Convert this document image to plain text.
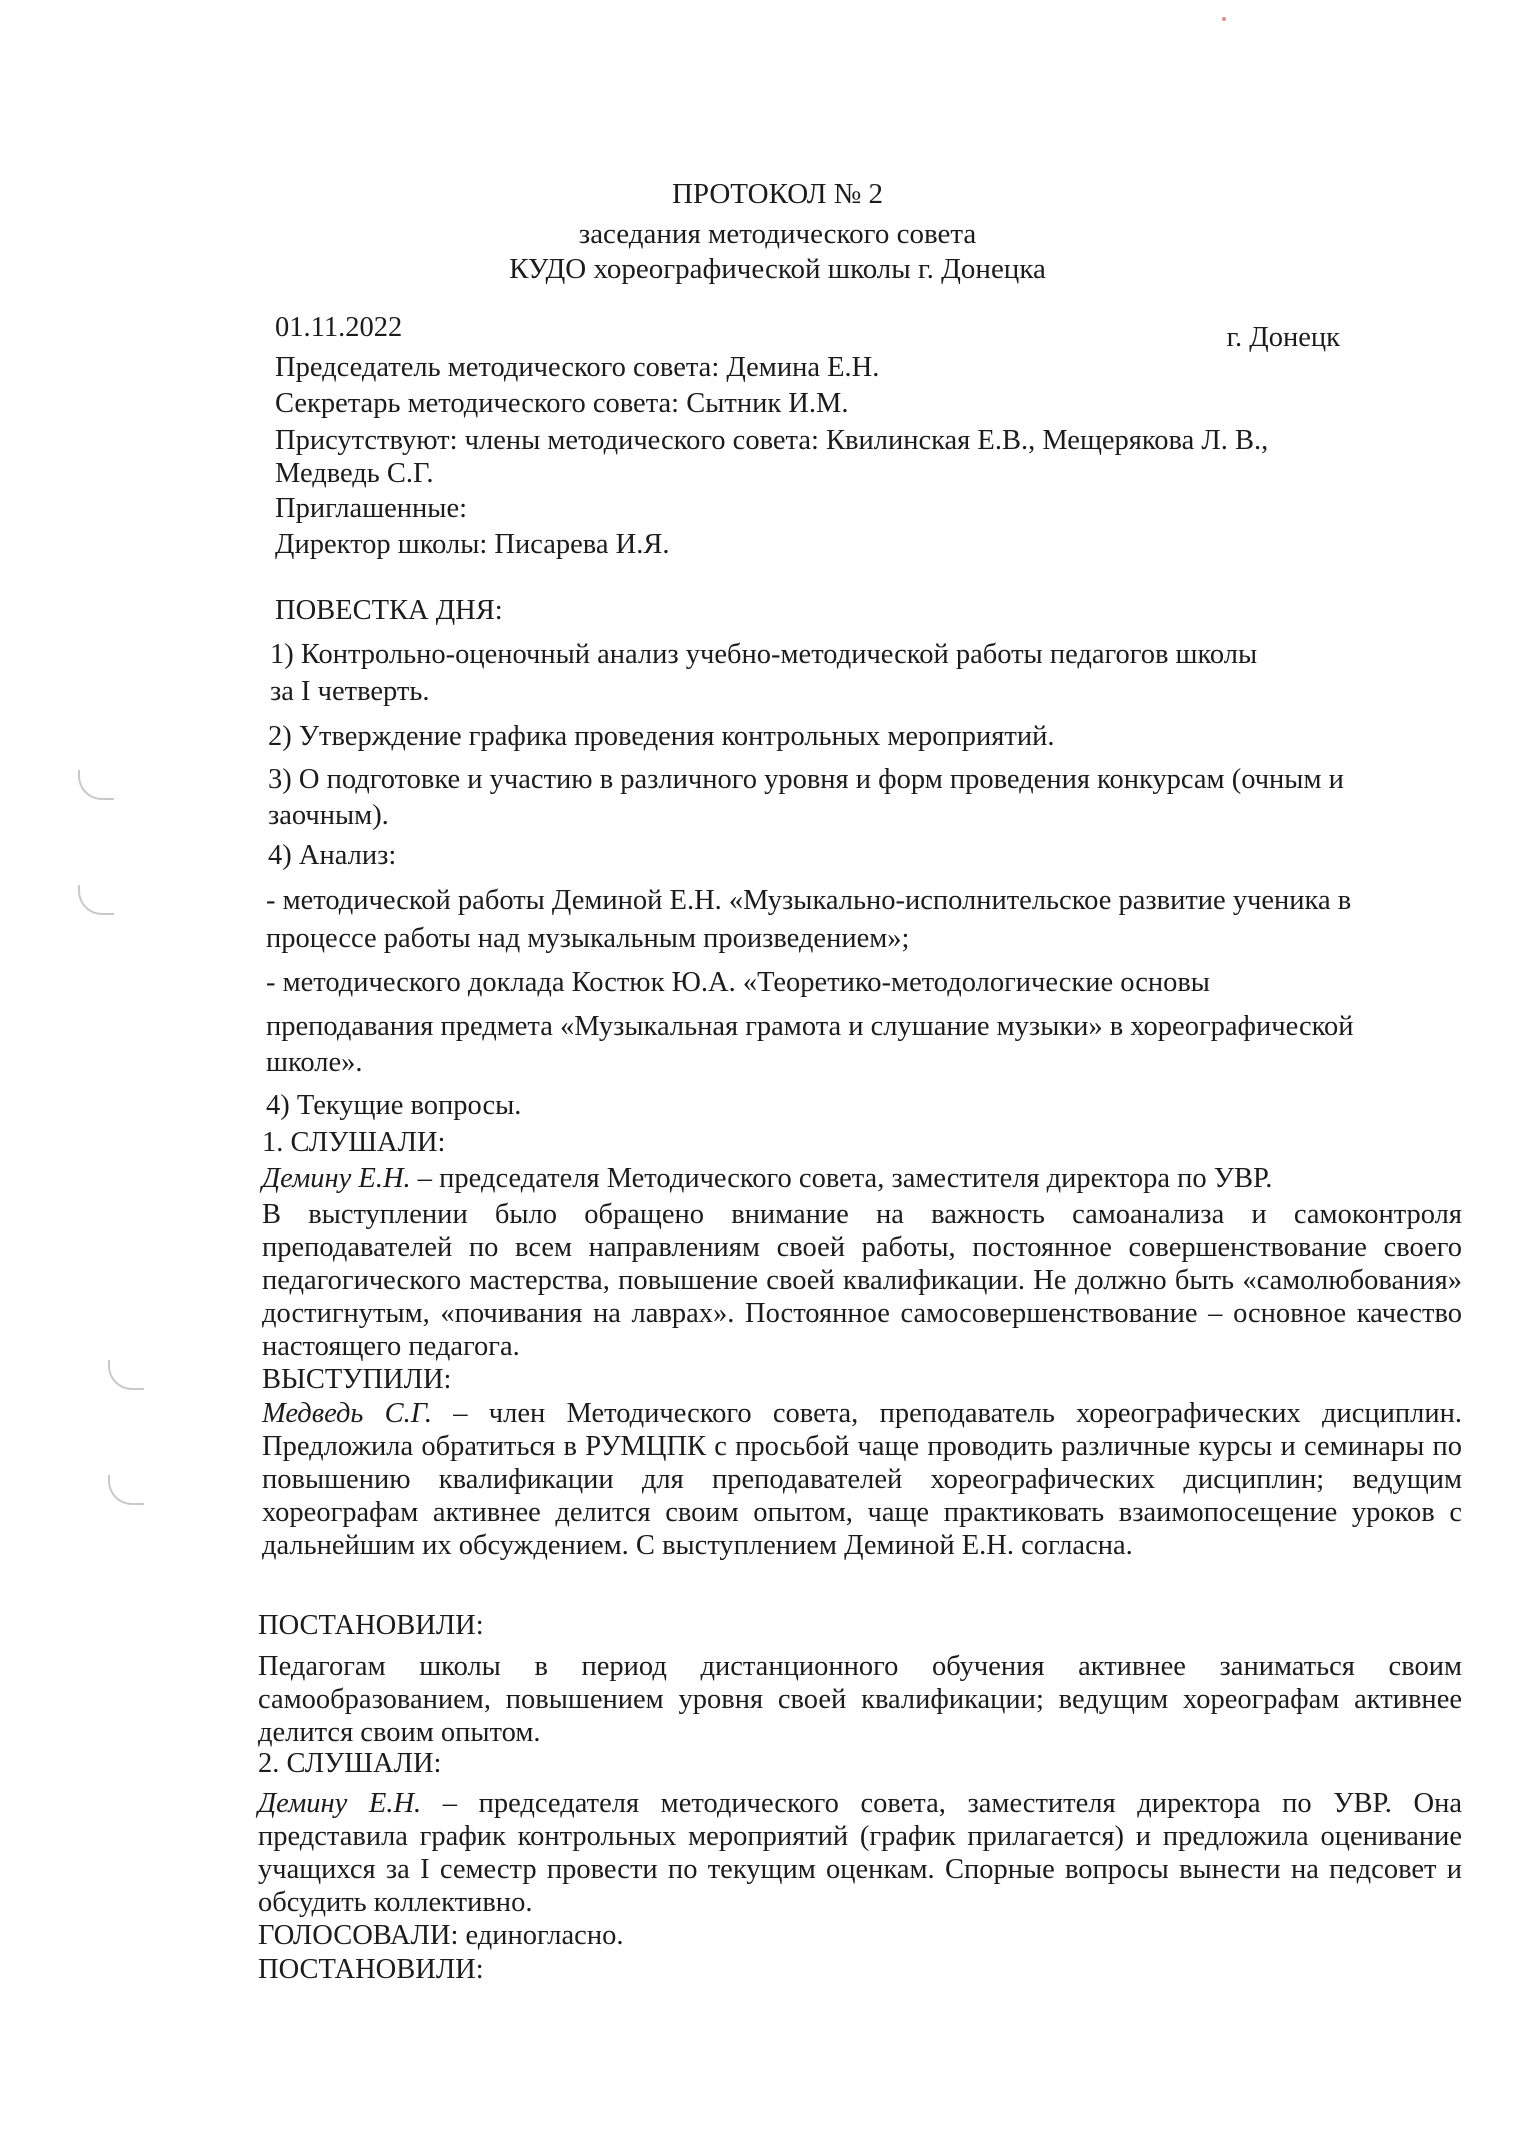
ПРОТОКОЛ № 2
заседания методического совета
КУДО хореографической школы г. Донецка
01.11.2022	г. Донецк
Председатель методического совета: Демина Е.Н.
Секретарь методического совета: Сытник И.М.
Присутствуют: члены методического совета: Квилинская Е.В., Мещерякова Л. В.,
Медведь С.Г.
Приглашенные:
Директор школы: Писарева И.Я.
ПОВЕСТКА ДНЯ:
1) Контрольно-оценочный анализ учебно-методической работы педагогов школы
за I четверть.
2) Утверждение графика проведения контрольных мероприятий.
3) О подготовке и участию в различного уровня и форм проведения конкурсам (очным и
заочным).
4) Анализ:
- методической работы Деминой Е.Н. «Музыкально-исполнительское развитие ученика в
процессе работы над музыкальным произведением»;
- методического доклада Костюк Ю.А. «Теоретико-методологические основы
преподавания предмета «Музыкальная грамота и слушание музыки» в хореографической
школе».
4) Текущие вопросы.
1. СЛУШАЛИ:
Демину Е.Н. – председателя Методического совета, заместителя директора по УВР.
В выступлении было обращено внимание на важность самоанализа и самоконтроля преподавателей по всем направлениям своей работы, постоянное совершенствование своего педагогического мастерства, повышение своей квалификации. Не должно быть «самолюбования» достигнутым, «почивания на лаврах». Постоянное самосовершенствование – основное качество настоящего педагога.
ВЫСТУПИЛИ:
Медведь С.Г. – член Методического совета, преподаватель хореографических дисциплин. Предложила обратиться в РУМЦПК с просьбой чаще проводить различные курсы и семинары по повышению квалификации для преподавателей хореографических дисциплин; ведущим хореографам активнее делится своим опытом, чаще практиковать взаимопосещение уроков с дальнейшим их обсуждением. С выступлением Деминой Е.Н. согласна.
ПОСТАНОВИЛИ:
Педагогам школы в период дистанционного обучения активнее заниматься своим самообразованием, повышением уровня своей квалификации; ведущим хореографам активнее делится своим опытом.
2. СЛУШАЛИ:
Демину Е.Н. – председателя методического совета, заместителя директора по УВР. Она представила график контрольных мероприятий (график прилагается) и предложила оценивание учащихся за I семестр провести по текущим оценкам. Спорные вопросы вынести на педсовет и обсудить коллективно.
ГОЛОСОВАЛИ: единогласно.
ПОСТАНОВИЛИ:
